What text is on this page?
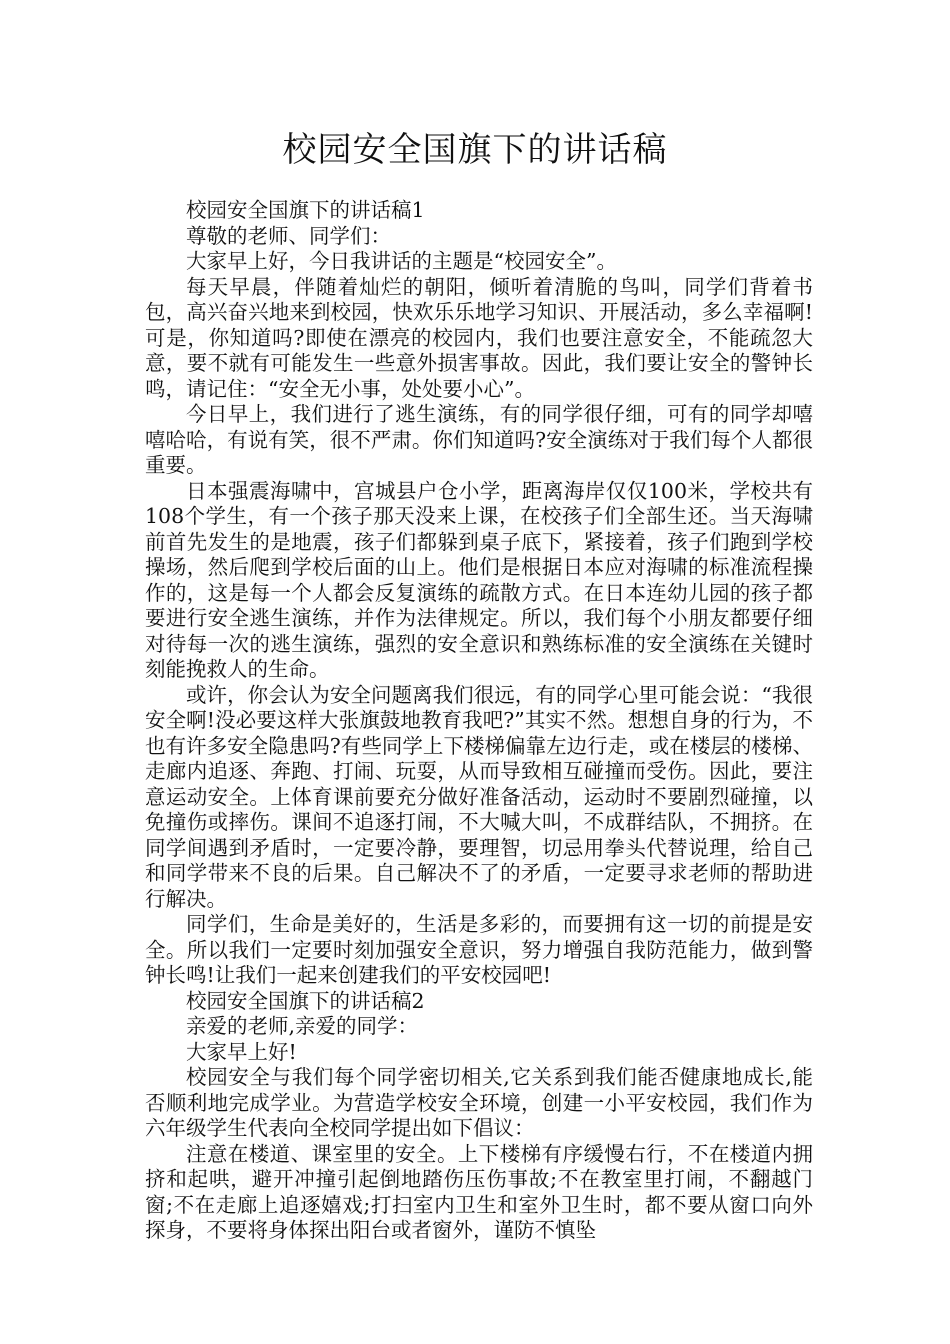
校园安全国旗下的讲话稿

校园安全国旗下的讲话稿1

尊敬的老师、同学们：

大家早上好，今日我讲话的主题是“校园安全”。

每天早晨，伴随着灿烂的朝阳，倾听着清脆的鸟叫，同学们背着书包，高兴奋兴地来到校园，快欢乐乐地学习知识、开展活动，多么幸福啊!可是，你知道吗?即使在漂亮的校园内，我们也要注意安全，不能疏忽大意，要不就有可能发生一些意外损害事故。因此，我们要让安全的警钟长鸣，请记住：“安全无小事，处处要小心”。

今日早上，我们进行了逃生演练，有的同学很仔细，可有的同学却嘻嘻哈哈，有说有笑，很不严肃。你们知道吗?安全演练对于我们每个人都很重要。

日本强震海啸中，宫城县户仓小学，距离海岸仅仅100米，学校共有108个学生，有一个孩子那天没来上课，在校孩子们全部生还。当天海啸前首先发生的是地震，孩子们都躲到桌子底下，紧接着，孩子们跑到学校操场，然后爬到学校后面的山上。他们是根据日本应对海啸的标准流程操作的，这是每一个人都会反复演练的疏散方式。在日本连幼儿园的孩子都要进行安全逃生演练，并作为法律规定。所以，我们每个小朋友都要仔细对待每一次的逃生演练，强烈的安全意识和熟练标准的安全演练在关键时刻能挽救人的生命。

或许，你会认为安全问题离我们很远，有的同学心里可能会说：“我很安全啊!没必要这样大张旗鼓地教育我吧?”其实不然。想想自身的行为，不也有许多安全隐患吗?有些同学上下楼梯偏靠左边行走，或在楼层的楼梯、走廊内追逐、奔跑、打闹、玩耍，从而导致相互碰撞而受伤。因此，要注意运动安全。上体育课前要充分做好准备活动，运动时不要剧烈碰撞，以免撞伤或摔伤。课间不追逐打闹，不大喊大叫，不成群结队，不拥挤。在同学间遇到矛盾时，一定要冷静，要理智，切忌用拳头代替说理，给自己和同学带来不良的后果。自己解决不了的矛盾，一定要寻求老师的帮助进行解决。

同学们，生命是美好的，生活是多彩的，而要拥有这一切的前提是安全。所以我们一定要时刻加强安全意识，努力增强自我防范能力，做到警钟长鸣!让我们一起来创建我们的平安校园吧!

校园安全国旗下的讲话稿2

亲爱的老师,亲爱的同学：

大家早上好!

校园安全与我们每个同学密切相关,它关系到我们能否健康地成长,能否顺利地完成学业。为营造学校安全环境，创建一小平安校园，我们作为六年级学生代表向全校同学提出如下倡议：

注意在楼道、课室里的安全。上下楼梯有序缓慢右行，不在楼道内拥挤和起哄，避开冲撞引起倒地踏伤压伤事故;不在教室里打闹，不翻越门窗;不在走廊上追逐嬉戏;打扫室内卫生和室外卫生时，都不要从窗口向外探身，不要将身体探出阳台或者窗外，谨防不慎坠
